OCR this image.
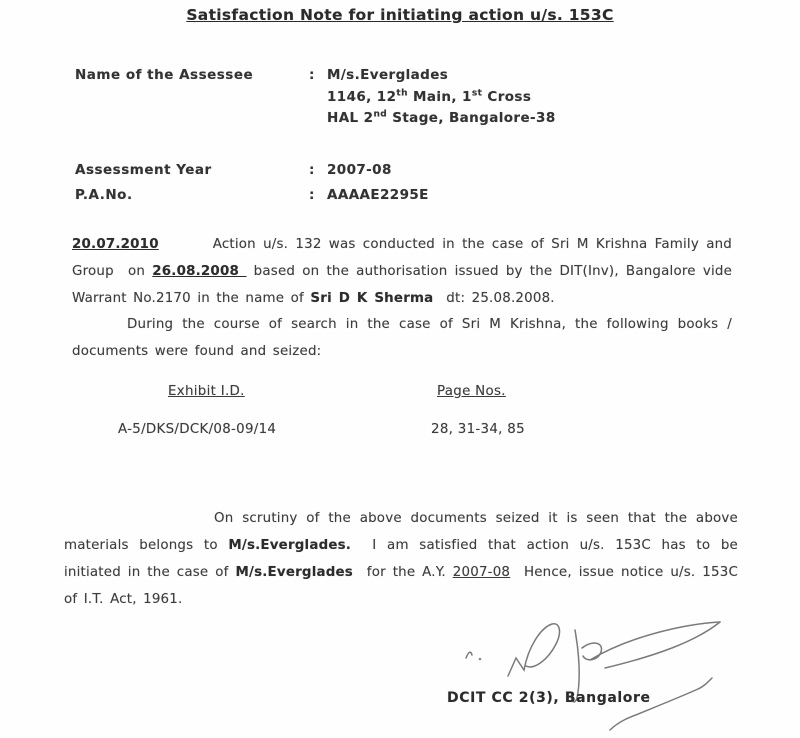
Satisfaction Note for initiating action u/s. 153C
Name of the Assessee	: M/s.Everglades
1146, 12th Main, 1st Cross
HAL 2nd Stage, Bangalore-38
Assessment Year	: 2007-08
P.A.No.	: AAAAE2295E

20.07.2010	Action u/s. 132 was conducted in the case of Sri M Krishna Family and Group  on 26.08.2008  based on the authorisation issued by the DIT(Inv), Bangalore vide Warrant No.2170 in the name of Sri D K Sherma  dt: 25.08.2008.

During the course of search in the case of Sri M Krishna, the following books / documents were found and seized:

Exhibit I.D.	Page Nos.
A-5/DKS/DCK/08-09/14	28, 31-34, 85

On scrutiny of the above documents seized it is seen that the above materials belongs to M/s.Everglades.  I am satisfied that action u/s. 153C has to be initiated in the case of M/s.Everglades  for the A.Y. 2007-08  Hence, issue notice u/s. 153C of I.T. Act, 1961.

DCIT CC 2(3), Bangalore
